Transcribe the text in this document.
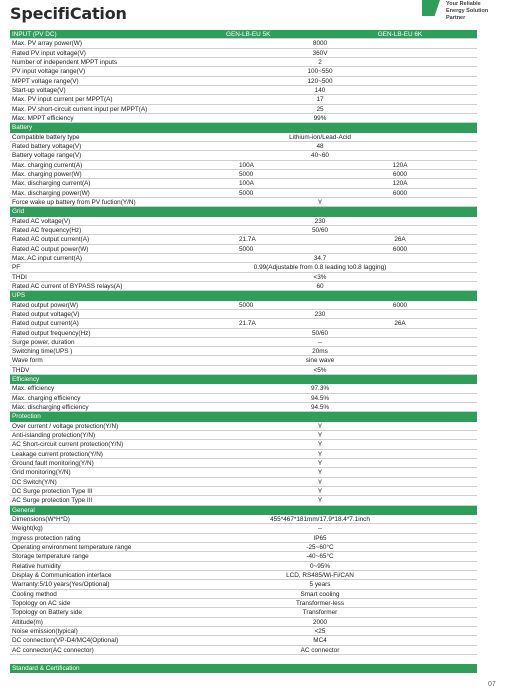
SpecifiCation	Your Reliable
Energy Solution
Partner
INPUT (PV DC)	GEN-LB-EU 5K	GEN-LB-EU 6K
Max. PV array power(W)	8000
Rated PV input voltage(V)	360V
Number of independent MPPT inputs	2
PV input voltage range(V)	100~550
MPPT voltage range(V)	120~500
Start-up voltage(V)	140
Max. PV input current per MPPT(A)	17
Max. PV short-circuit current input per MPPT(A)	25
Max. MPPT efficiency	99%
Battery
Compatible battery type	Lithium-ion/Lead-Acid
Rated battery voltage(V)	48
Battery voltage range(V)	40~60
Max. charging current(A)	100A	120A
Max. charging power(W)	5000	6000
Max. discharging current(A)	100A	120A
Max. discharging power(W)	5000	6000
Force wake up battery from PV fuction(Y/N)	Y
Grid
Rated AC voltage(V)	230
Rated AC frequency(Hz)	50/60
Rated AC output current(A)	21.7A	26A
Rated AC output power(W)	5000	6000
Max. AC input current(A)	34.7
PF	0.99(Adjustable from 0.8 leading to0.8 lagging)
THDI	<3%
Rated AC current of BYPASS relays(A)	60
UPS
Rated output power(W)	5000	6000
Rated output voltage(V)	230
Rated output current(A)	21.7A	26A
Rated output frequency(Hz)	50/60
Surge power, duration	--
Switching time(UPS )	20ms
Wave form	sine wave
THDV	<5%
Efficiency
Max. efficiency	97.3%
Max. charging efficiency	94.5%
Max. discharging efficiency	94.5%
Protection
Over current / voltage protection(Y/N)	Y
Anti-islanding protection(Y/N)	Y
AC Short-circuit current protection(Y/N)	Y
Leakage current protection(Y/N)	Y
Ground fault monitoring(Y/N)	Y
Grid monitoring(Y/N)	Y
DC Switch(Y/N)	Y
DC Surge protection Type III	Y
AC Surge protection Type III	Y
General
Dimensions(W*H*D)	455*467*181mm/17.9*18.4*7.1inch
Weight(kg)	--
Ingress protection rating	IP65
Operating environment temperature range	-25~60°C
Storage temperature range	-40~65°C
Relative humidity	0~95%
Display & Communication interface	LCD, RS485/Wi-Fi/CAN
Warranty:5/10 years(Yes/Optional)	5 years
Cooling method	Smart cooling
Topology on AC side	Transformer-less
Topology on Battery side	Transformer
Altitude(m)	2000
Noise emission(typical)	<25
DC connection(VP-D4/MC4(Optional)	MC4
AC connector(AC connector)	AC connector
Standard & Certification
07
